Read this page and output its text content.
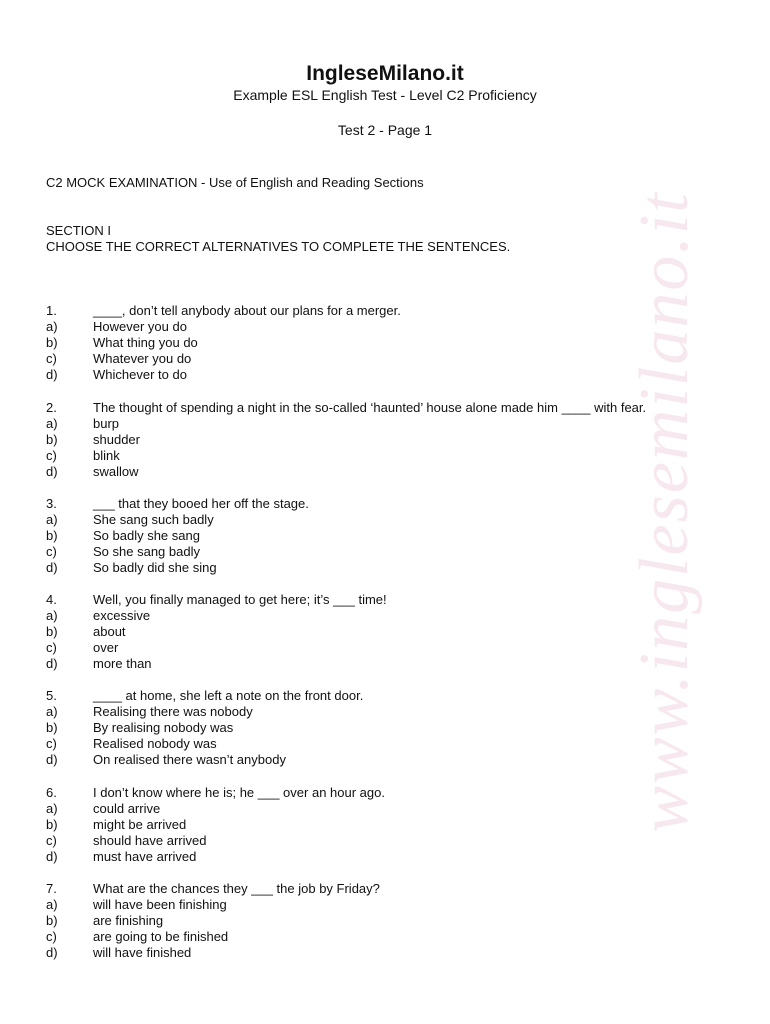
www.inglesemilano.it
IngleseMilano.it
Example ESL English Test - Level C2 Proficiency
Test 2 - Page 1
C2 MOCK EXAMINATION - Use of English and Reading Sections
SECTION I
CHOOSE THE CORRECT ALTERNATIVES TO COMPLETE THE SENTENCES.
1.	____, don’t tell anybody about our plans for a merger.
a)	However you do
b)	What thing you do
c)	Whatever you do
d)	Whichever to do
2.	The thought of spending a night in the so-called ‘haunted’ house alone made him ____ with fear.
a)	burp
b)	shudder
c)	blink
d)	swallow
3.	___ that they booed her off the stage.
a)	She sang such badly
b)	So badly she sang
c)	So she sang badly
d)	So badly did she sing
4.	Well, you finally managed to get here; it’s ___ time!
a)	excessive
b)	about
c)	over
d)	more than
5.	____ at home, she left a note on the front door.
a)	Realising there was nobody
b)	By realising nobody was
c)	Realised nobody was
d)	On realised there wasn’t anybody
6.	I don’t know where he is; he ___ over an hour ago.
a)	could arrive
b)	might be arrived
c)	should have arrived
d)	must have arrived
7.	What are the chances they ___ the job by Friday?
a)	will have been finishing
b)	are finishing
c)	are going to be finished
d)	will have finished
